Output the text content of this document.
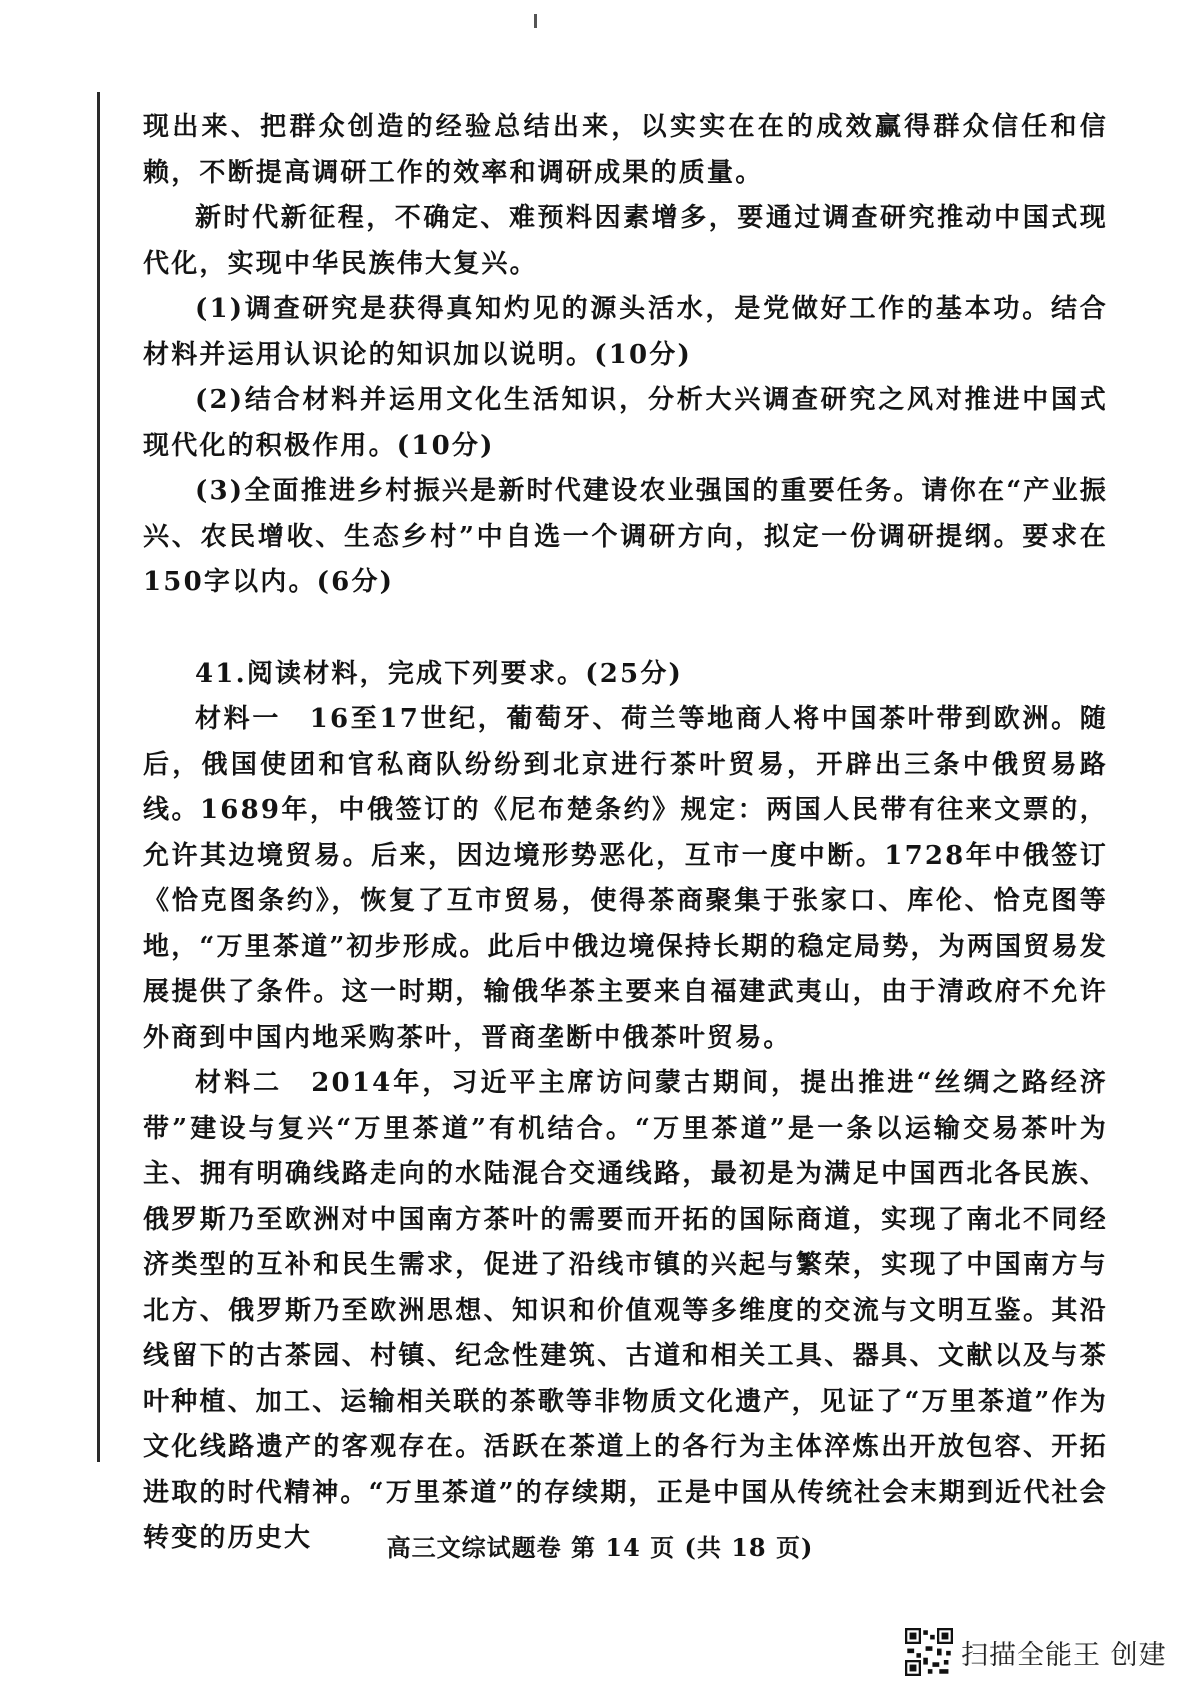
现出来、把群众创造的经验总结出来，以实实在在的成效赢得群众信任和信赖，不断提高调研工作的效率和调研成果的质量。

新时代新征程，不确定、难预料因素增多，要通过调查研究推动中国式现代化，实现中华民族伟大复兴。

(1)调查研究是获得真知灼见的源头活水，是党做好工作的基本功。结合材料并运用认识论的知识加以说明。(10分)

(2)结合材料并运用文化生活知识，分析大兴调查研究之风对推进中国式现代化的积极作用。(10分)

(3)全面推进乡村振兴是新时代建设农业强国的重要任务。请你在“产业振兴、农民增收、生态乡村”中自选一个调研方向，拟定一份调研提纲。要求在150字以内。(6分)

41.阅读材料，完成下列要求。(25分)

材料一　16至17世纪，葡萄牙、荷兰等地商人将中国茶叶带到欧洲。随后，俄国使团和官私商队纷纷到北京进行茶叶贸易，开辟出三条中俄贸易路线。1689年，中俄签订的《尼布楚条约》规定：两国人民带有往来文票的，允许其边境贸易。后来，因边境形势恶化，互市一度中断。1728年中俄签订《恰克图条约》，恢复了互市贸易，使得茶商聚集于张家口、库伦、恰克图等地，“万里茶道”初步形成。此后中俄边境保持长期的稳定局势，为两国贸易发展提供了条件。这一时期，输俄华茶主要来自福建武夷山，由于清政府不允许外商到中国内地采购茶叶，晋商垄断中俄茶叶贸易。

材料二　2014年，习近平主席访问蒙古期间，提出推进“丝绸之路经济带”建设与复兴“万里茶道”有机结合。“万里茶道”是一条以运输交易茶叶为主、拥有明确线路走向的水陆混合交通线路，最初是为满足中国西北各民族、俄罗斯乃至欧洲对中国南方茶叶的需要而开拓的国际商道，实现了南北不同经济类型的互补和民生需求，促进了沿线市镇的兴起与繁荣，实现了中国南方与北方、俄罗斯乃至欧洲思想、知识和价值观等多维度的交流与文明互鉴。其沿线留下的古茶园、村镇、纪念性建筑、古道和相关工具、器具、文献以及与茶叶种植、加工、运输相关联的茶歌等非物质文化遗产，见证了“万里茶道”作为文化线路遗产的客观存在。活跃在茶道上的各行为主体淬炼出开放包容、开拓进取的时代精神。“万里茶道”的存续期，正是中国从传统社会末期到近代社会转变的历史大	高三文综试题卷 第 14 页 (共 18 页)
扫描全能王 创建
